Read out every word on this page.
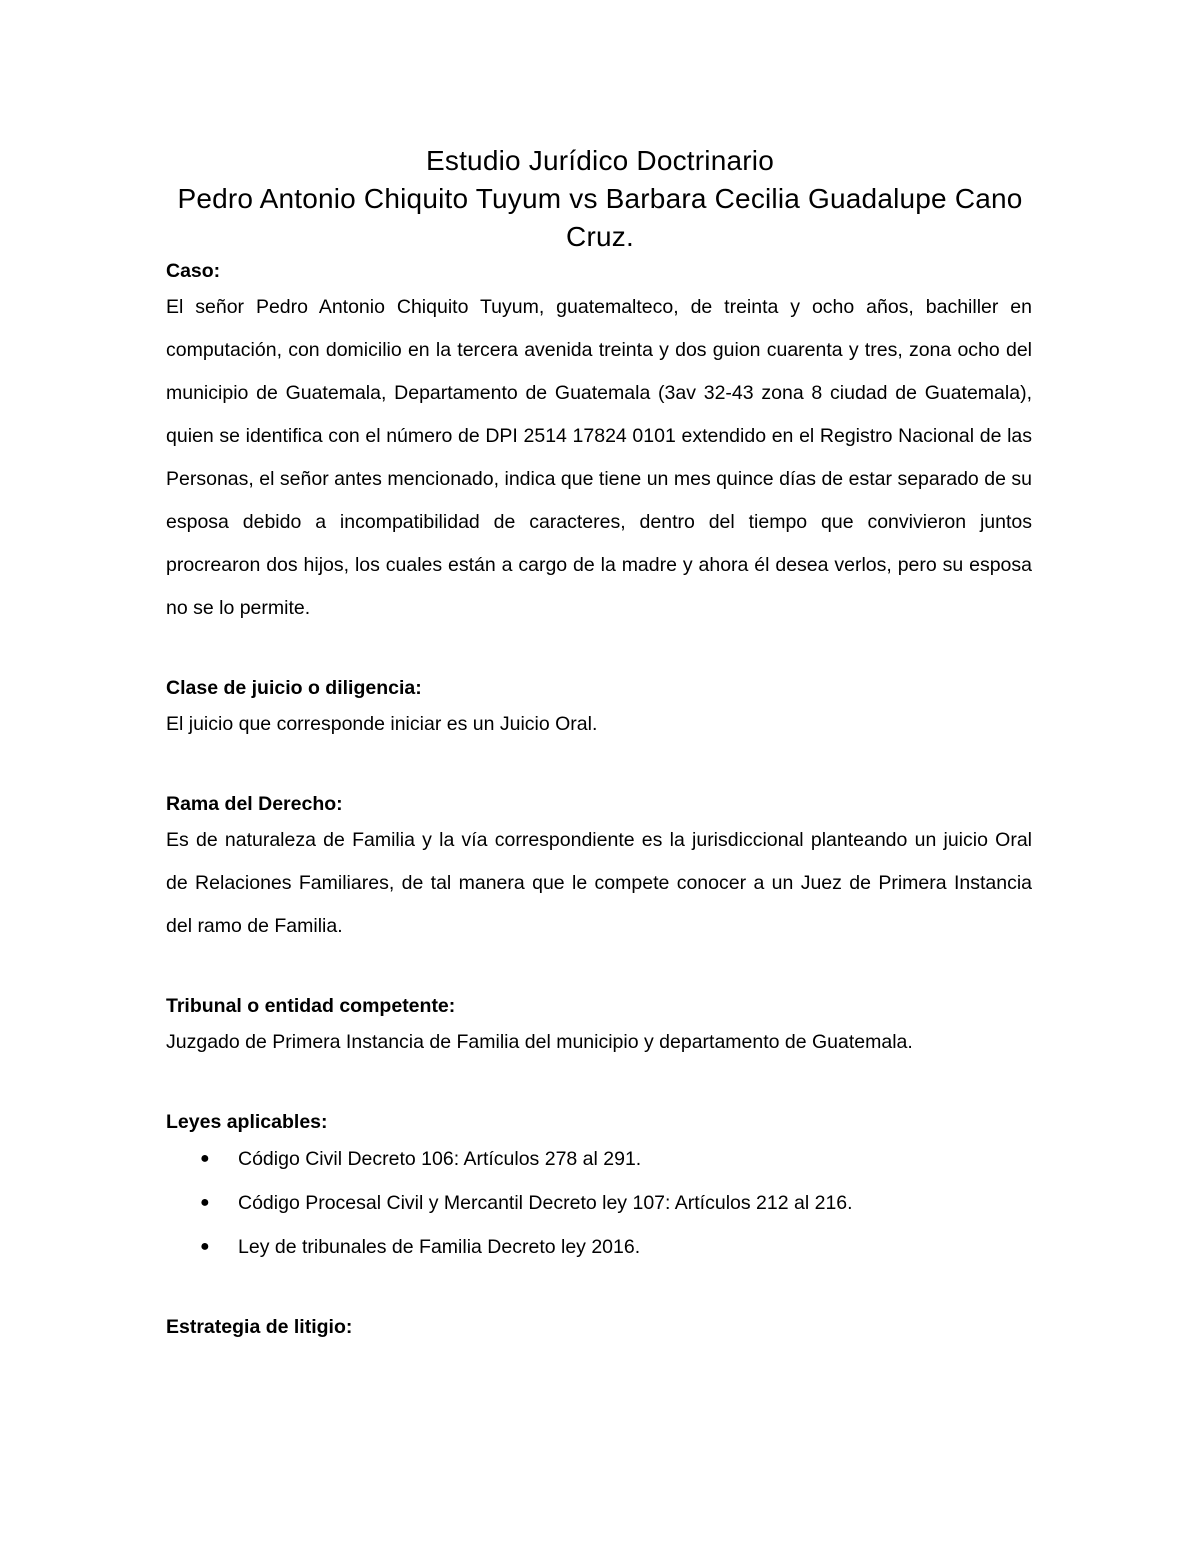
Estudio Jurídico Doctrinario
Pedro Antonio Chiquito Tuyum vs Barbara Cecilia Guadalupe Cano
Cruz.

Caso:

El señor Pedro Antonio Chiquito Tuyum, guatemalteco, de treinta y ocho años, bachiller en computación, con domicilio en la tercera avenida treinta y dos guion cuarenta y tres, zona ocho del municipio de Guatemala, Departamento de Guatemala (3av 32-43 zona 8 ciudad de Guatemala), quien se identifica con el número de DPI 2514 17824 0101 extendido en el Registro Nacional de las Personas, el señor antes mencionado, indica que tiene un mes quince días de estar separado de su esposa debido a incompatibilidad de caracteres, dentro del tiempo que convivieron juntos procrearon dos hijos, los cuales están a cargo de la madre y ahora él desea verlos, pero su esposa no se lo permite.

Clase de juicio o diligencia:

El juicio que corresponde iniciar es un Juicio Oral.

Rama del Derecho:

Es de naturaleza de Familia y la vía correspondiente es la jurisdiccional planteando un juicio Oral de Relaciones Familiares, de tal manera que le compete conocer a un Juez de Primera Instancia del ramo de Familia.

Tribunal o entidad competente:

Juzgado de Primera Instancia de Familia del municipio y departamento de Guatemala.

Leyes aplicables:

● Código Civil Decreto 106: Artículos 278 al 291.
● Código Procesal Civil y Mercantil Decreto ley 107: Artículos 212 al 216.
● Ley de tribunales de Familia Decreto ley 2016.

Estrategia de litigio:
